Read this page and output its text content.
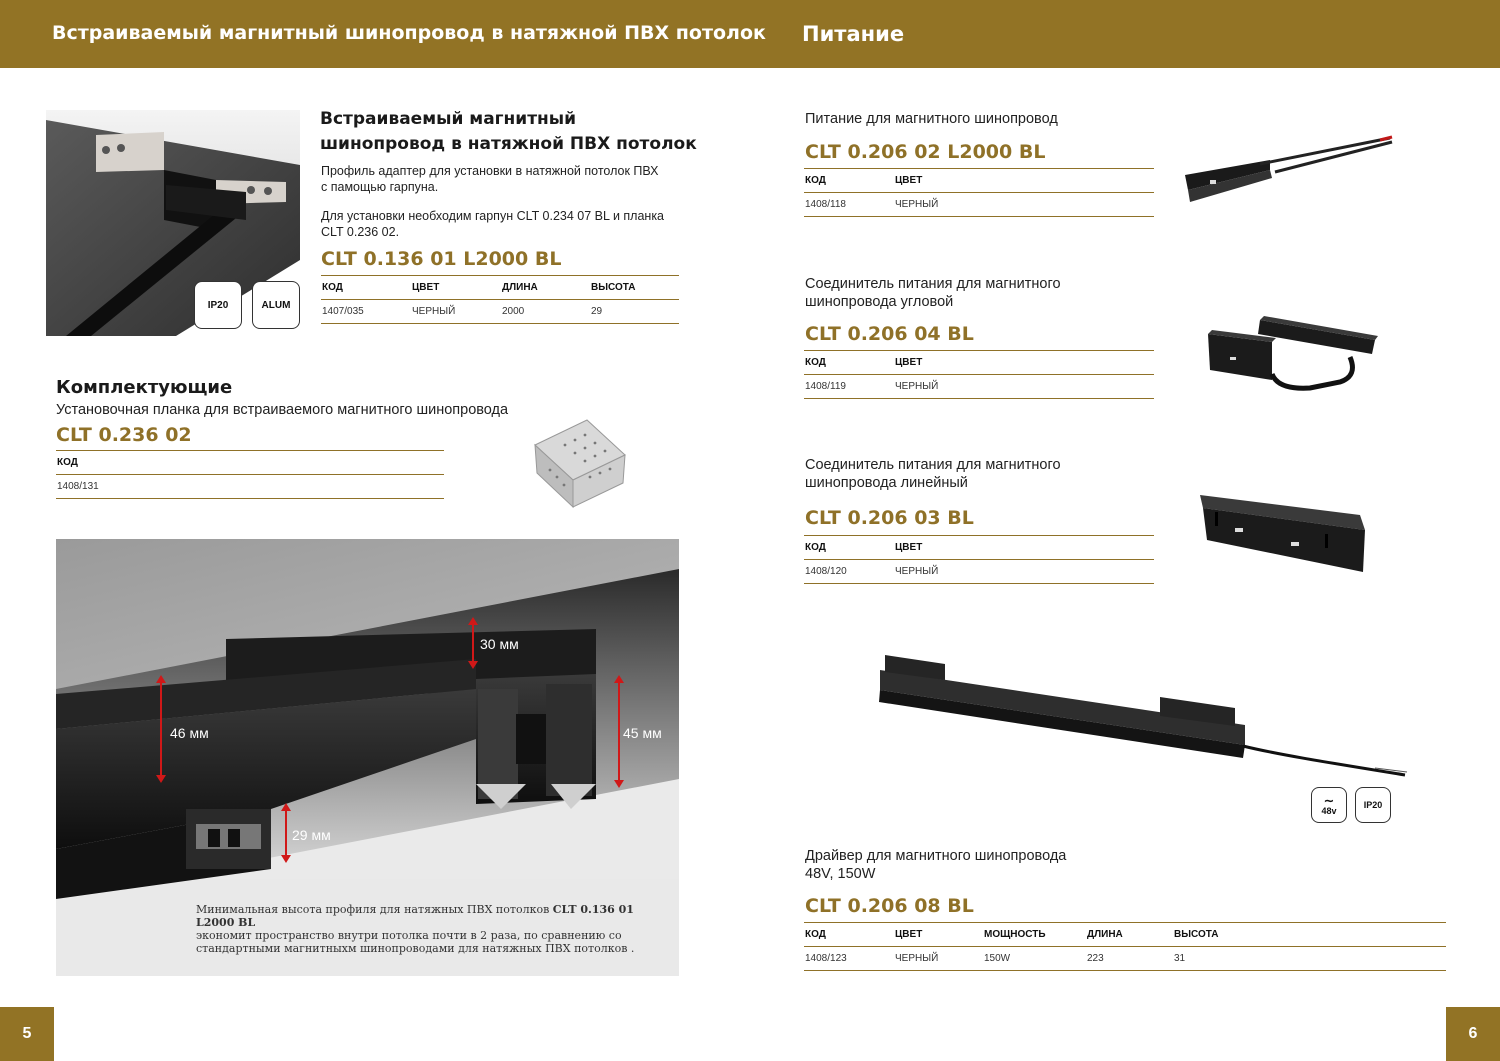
Встраиваемый магнитный шинопровод в натяжной ПВХ потолок Питание
IP20	ALUM
Встраиваемый магнитный
шинопровод в натяжной ПВХ потолок
Профиль адаптер для установки в натяжной потолок ПВХ
с памощью гарпуна.
Для установки необходим гарпун CLT 0.234 07 BL и планка
CLT 0.236 02.
CLT 0.136 01 L2000 BL
КОД	ЦВЕТ	ДЛИНА	ВЫСОТА
1407/035	ЧЕРНЫЙ	2000	29
Комплектующие
Установочная планка для встраиваемого магнитного шинопровода
CLT 0.236 02
КОД
1408/131
30 мм
46 мм	45 мм
29 мм
Минимальная высота профиля для натяжных ПВХ потолков CLT 0.136 01 L2000 BL
экономит пространство внутри потолка почти в 2 раза, по сравнению со
стандартными магнитныхм шинопроводами для натяжных ПВХ потолков .
Питание для магнитного шинопровод
CLT 0.206 02 L2000 BL
КОД	ЦВЕТ
1408/118	ЧЕРНЫЙ
Соединитель питания для магнитного
шинопровода угловой
CLT 0.206 04 BL
КОД	ЦВЕТ
1408/119	ЧЕРНЫЙ
Соединитель питания для магнитного
шинопровода линейный
CLT 0.206 03 BL
КОД	ЦВЕТ
1408/120	ЧЕРНЫЙ
∼
48v
IP20
Драйвер для магнитного шинопровода
48V, 150W
CLT 0.206 08 BL
КОД	ЦВЕТ	МОЩНОСТЬ	ДЛИНА	ВЫСОТА
1408/123	ЧЕРНЫЙ	150W	223	31
5	6
